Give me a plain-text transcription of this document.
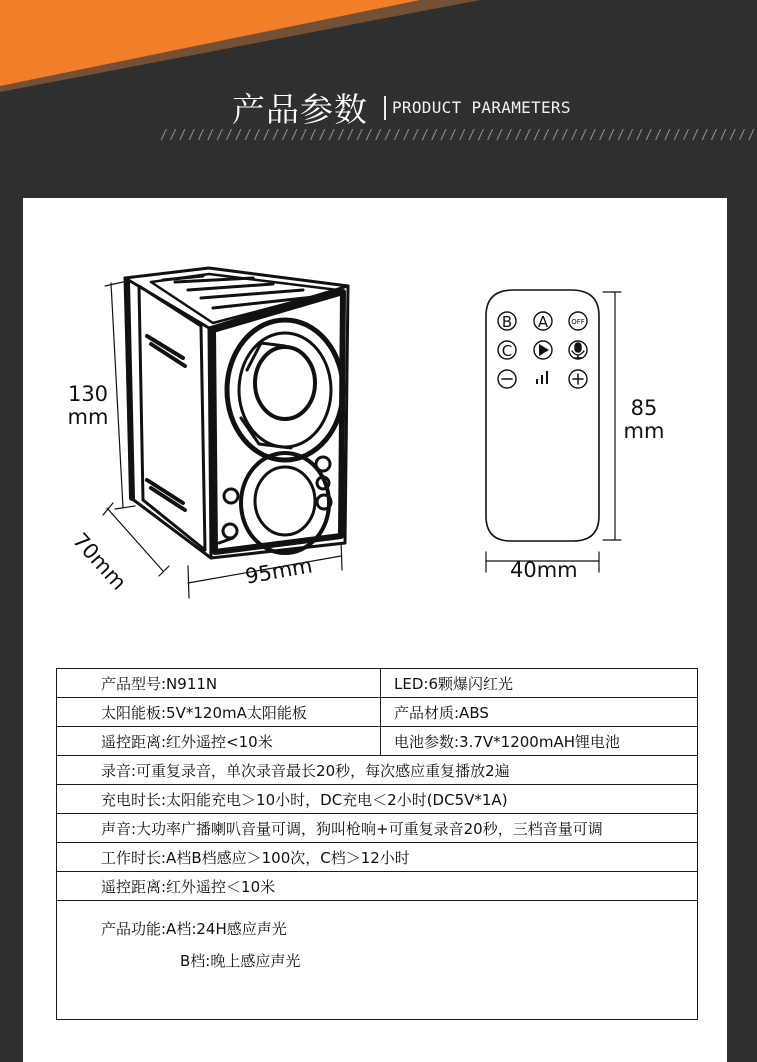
产品参数 PRODUCT PARAMETERS
////////////////////////////////////////////////////////////////
B A	OFF
C
130
mm
70mm	95mm
85
mm
40mm
产品型号:N911N	LED:6颗爆闪红光
太阳能板:5V*120mA太阳能板	产品材质:ABS
遥控距离:红外遥控<10米	电池参数:3.7V*1200mAH锂电池
录音:可重复录音，单次录音最长20秒，每次感应重复播放2遍	
充电时长:太阳能充电＞10小时，DC充电＜2小时(DC5V*1A)	
声音:大功率广播喇叭音量可调，狗叫枪响+可重复录音20秒，三档音量可调	
工作时长:A档B档感应＞100次，C档＞12小时	
遥控距离:红外遥控＜10米	

产品功能:A档:24H感应声光
B档:晚上感应声光	
